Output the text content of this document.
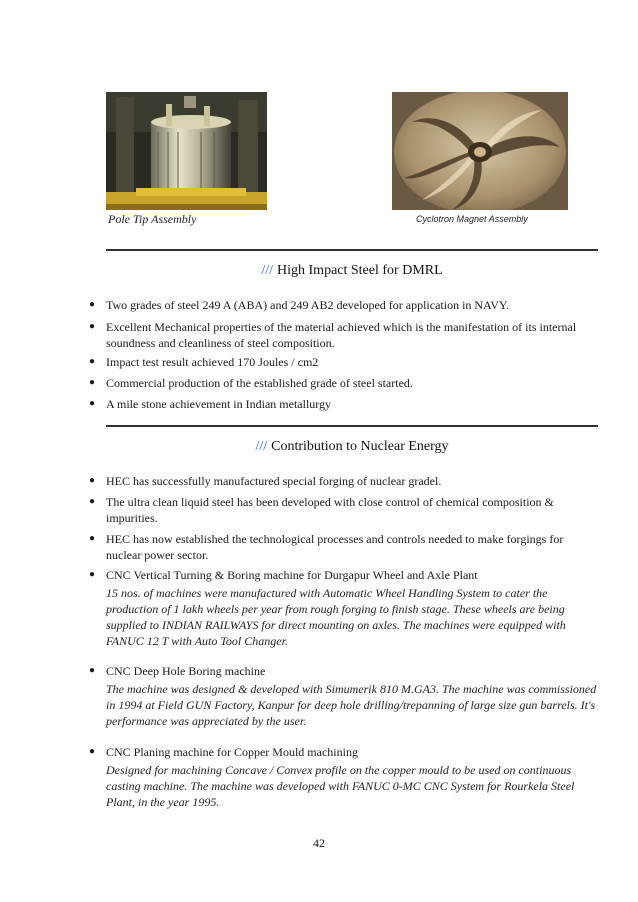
Pole Tip Assembly	Cyclotron Magnet Assembly
/// High Impact Steel for DMRL
● Two grades of steel 249 A (ABA) and 249 AB2 developed for application in NAVY.
● Excellent Mechanical properties of the material achieved which is the manifestation of its internal soundness and cleanliness of steel composition.
● Impact test result achieved 170 Joules / cm2
● Commercial production of the established grade of steel started.
● A mile stone achievement in Indian metallurgy
/// Contribution to Nuclear Energy
● HEC has successfully manufactured special forging of nuclear gradel.
● The ultra clean liquid steel has been developed with close control of chemical composition & impurities.
● HEC has now established the technological processes and controls needed to make forgings for nuclear power sector.
● CNC Vertical Turning & Boring machine for Durgapur Wheel and Axle Plant
● CNC Deep Hole Boring machine
● CNC Planing machine for Copper Mould machining
15 nos. of machines were manufactured with Automatic Wheel Handling System to cater the production of 1 lakh wheels per year from rough forging to finish stage. These wheels are being supplied to INDIAN RAILWAYS for direct mounting on axles. The machines were equipped with FANUC 12 T with Auto Tool Changer.
The machine was designed & developed with Simumerik 810 M.GA3. The machine was commissioned in 1994 at Field GUN Factory, Kanpur for deep hole drilling/trepanning of large size gun barrels. It's performance was appreciated by the user.
Designed for machining Concave / Convex profile on the copper mould to be used on continuous casting machine. The machine was developed with FANUC 0-MC CNC System for Rourkela Steel Plant, in the year 1995.
42
